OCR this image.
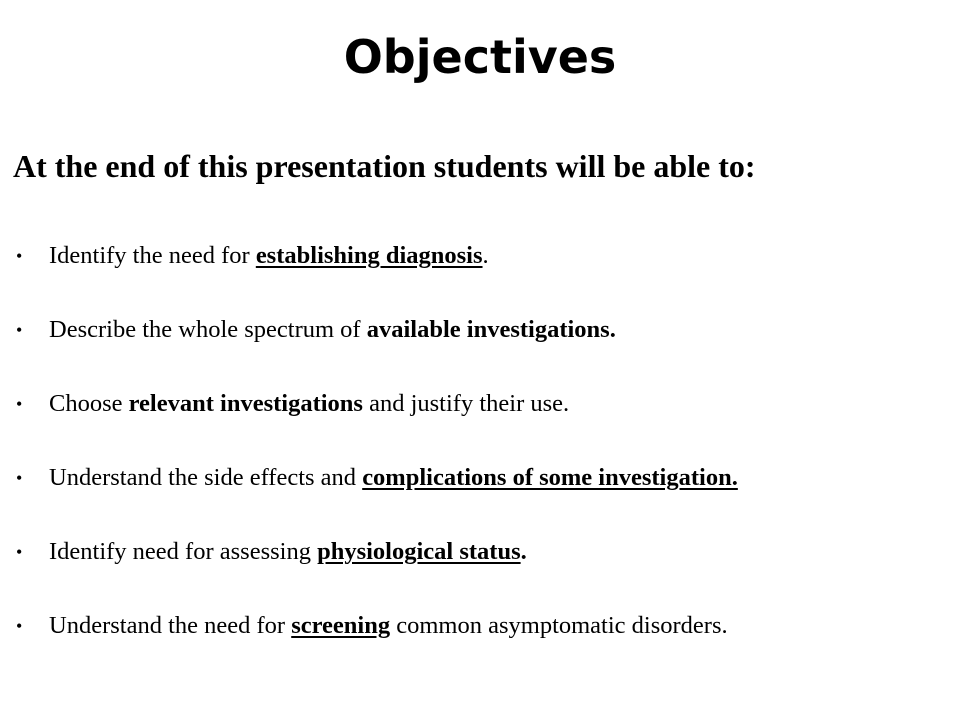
Objectives
At the end of this presentation students will be able to:
•	Identify the need for establishing diagnosis.
•	Describe the whole spectrum of available investigations.
•	Choose relevant investigations and justify their use.
•	Understand the side effects and complications of some investigation.
•	Identify need for assessing physiological status.
•	Understand the need for screening common asymptomatic disorders.
